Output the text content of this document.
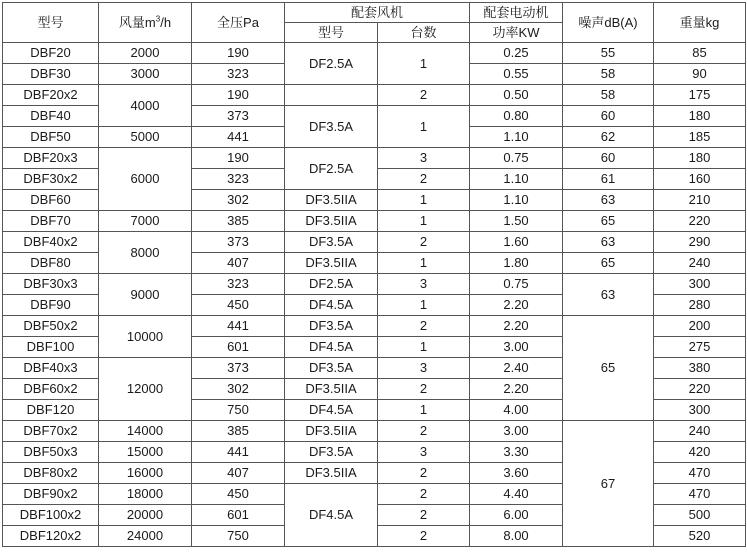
型号	风量$m^3/h$	全压Pa	配套风机		配套电动机	噪声dB(A)	重量kg
			型号	台数	功率KW		
DBF20	2000	190	DF2.5A	1	0.25	55	85
DBF30	3000	323			0.55	58	90
DBF20x2	4000	190		2	0.50	58	175
DBF40		373	DF3.5A	1	0.80	60	180
DBF50	5000	441			1.10	62	185
DBF20x3	6000	190	DF2.5A	3	0.75	60	180
DBF30x2		323		2	1.10	61	160
DBF60		302	DF3.5IIA	1	1.10	63	210
DBF70	7000	385	DF3.5IIA	1	1.50	65	220
DBF40x2	8000	373	DF3.5A	2	1.60	63	290
DBF80		407	DF3.5IIA	1	1.80	65	240
DBF30x3	9000	323	DF2.5A	3	0.75	63	300
DBF90		450	DF4.5A	1	2.20		280
DBF50x2	10000	441	DF3.5A	2	2.20	65	200
DBF100		601	DF4.5A	1	3.00		275
DBF40x3	12000	373	DF3.5A	3	2.40		380
DBF60x2		302	DF3.5IIA	2	2.20		220
DBF120		750	DF4.5A	1	4.00		300
DBF70x2	14000	385	DF3.5IIA	2	3.00	67	240
DBF50x3	15000	441	DF3.5A	3	3.30		420
DBF80x2	16000	407	DF3.5IIA	2	3.60		470
DBF90x2	18000	450	DF4.5A	2	4.40		470
DBF100x2	20000	601		2	6.00		500
DBF120x2	24000	750		2	8.00		520
